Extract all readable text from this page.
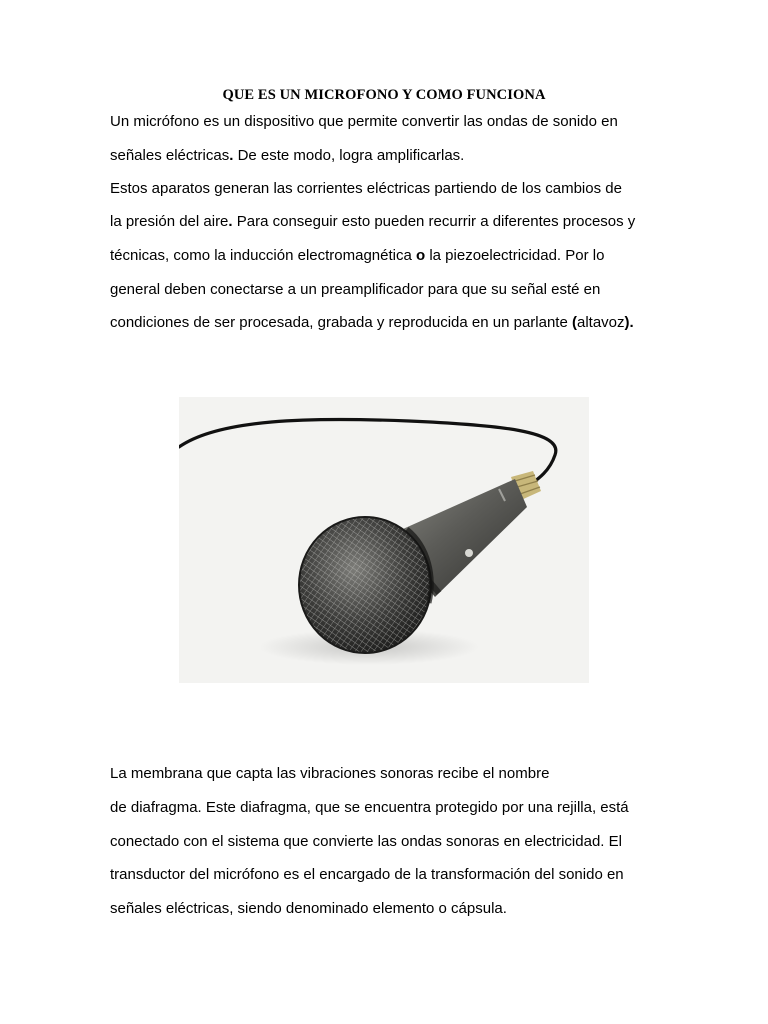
QUE ES UN MICROFONO Y COMO FUNCIONA
Un micrófono es un dispositivo que permite convertir las ondas de sonido en
señales eléctricas. De este modo, logra amplificarlas.
Estos aparatos generan las corrientes eléctricas partiendo de los cambios de
la presión del aire. Para conseguir esto pueden recurrir a diferentes procesos y
técnicas, como la inducción electromagnética o la piezoelectricidad. Por lo
general deben conectarse a un preamplificador para que su señal esté en
condiciones de ser procesada, grabada y reproducida en un parlante (altavoz).
La membrana que capta las vibraciones sonoras recibe el nombre
de diafragma. Este diafragma, que se encuentra protegido por una rejilla, está
conectado con el sistema que convierte las ondas sonoras en electricidad. El
transductor del micrófono es el encargado de la transformación del sonido en
señales eléctricas, siendo denominado elemento o cápsula.
